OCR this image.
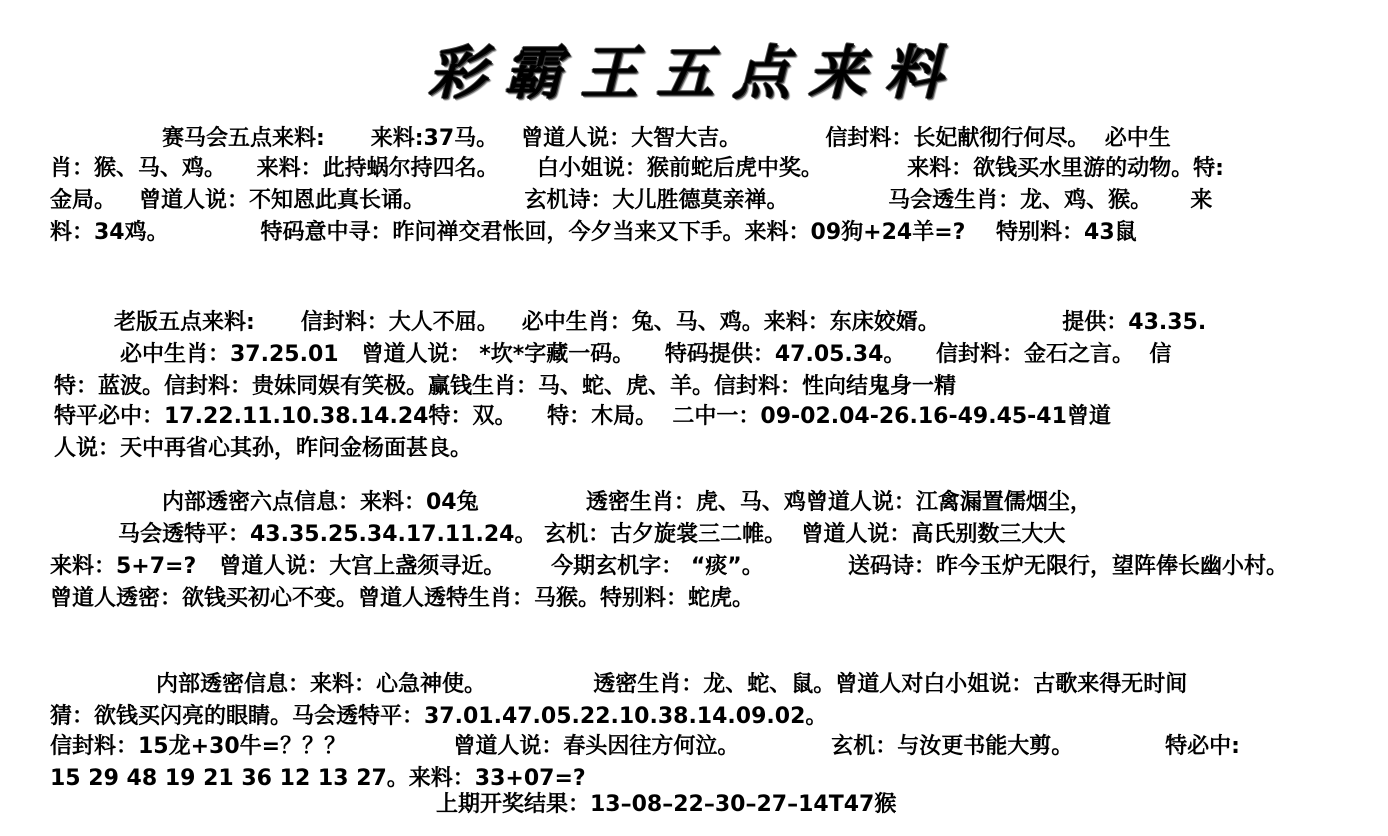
彩霸王五点来料
赛马会五点来料:      来料:37马。   曾道人说：大智大吉。           信封料：长妃献彻行何尽。  必中生
肖：猴、马、鸡。    来料：此持蜗尔持四名。     白小姐说：猴前蛇后虎中奖。           来料：欲钱买水里游的动物。特:
金局。   曾道人说：不知恩此真长诵。             玄机诗：大儿胜德莫亲禅。             马会透生肖：龙、鸡、猴。     来
料：34鸡。            特码意中寻：昨问禅交君怅回，今夕当来又下手。来料：09狗+24羊=?    特别料：43鼠
老版五点来料:      信封料：大人不屈。   必中生肖：兔、马、鸡。来料：东床姣婿。                提供：43.35.
必中生肖：37.25.01   曾道人说： *坎*字藏一码。    特码提供：47.05.34。    信封料：金石之言。  信
特：蓝波。信封料：贵妹同娱有笑极。赢钱生肖：马、蛇、虎、羊。信封料：性向结鬼身一精
特平必中：17.22.11.10.38.14.24特：双。    特：木局。  二中一：09-02.04-26.16-49.45-41曾道
人说：天中再省心其孙，昨问金杨面甚良。
内部透密六点信息：来料：04兔              透密生肖：虎、马、鸡曾道人说：江禽漏置儒烟尘，
马会透特平：43.35.25.34.17.11.24。 玄机：古夕旋裳三二帷。  曾道人说：高氏别数三大大
来料：5+7=?   曾道人说：大宫上盏须寻近。      今期玄机字： “痰”。           送码诗：昨今玉炉无限行，望阵俸长幽小村。
曾道人透密：欲钱买初心不变。曾道人透特生肖：马猴。特别料：蛇虎。
内部透密信息：来料：心急神使。              透密生肖：龙、蛇、鼠。曾道人对白小姐说：古歌来得无时间
猜：欲钱买闪亮的眼睛。马会透特平：37.01.47.05.22.10.38.14.09.02。
信封料：15龙+30牛=？？？              曾道人说：春头因往方何泣。            玄机：与汝更书能大剪。            特必中:
15 29 48 19 21 36 12 13 27。来料：33+07=?
上期开奖结果：13–08–22–30–27–14T47猴
